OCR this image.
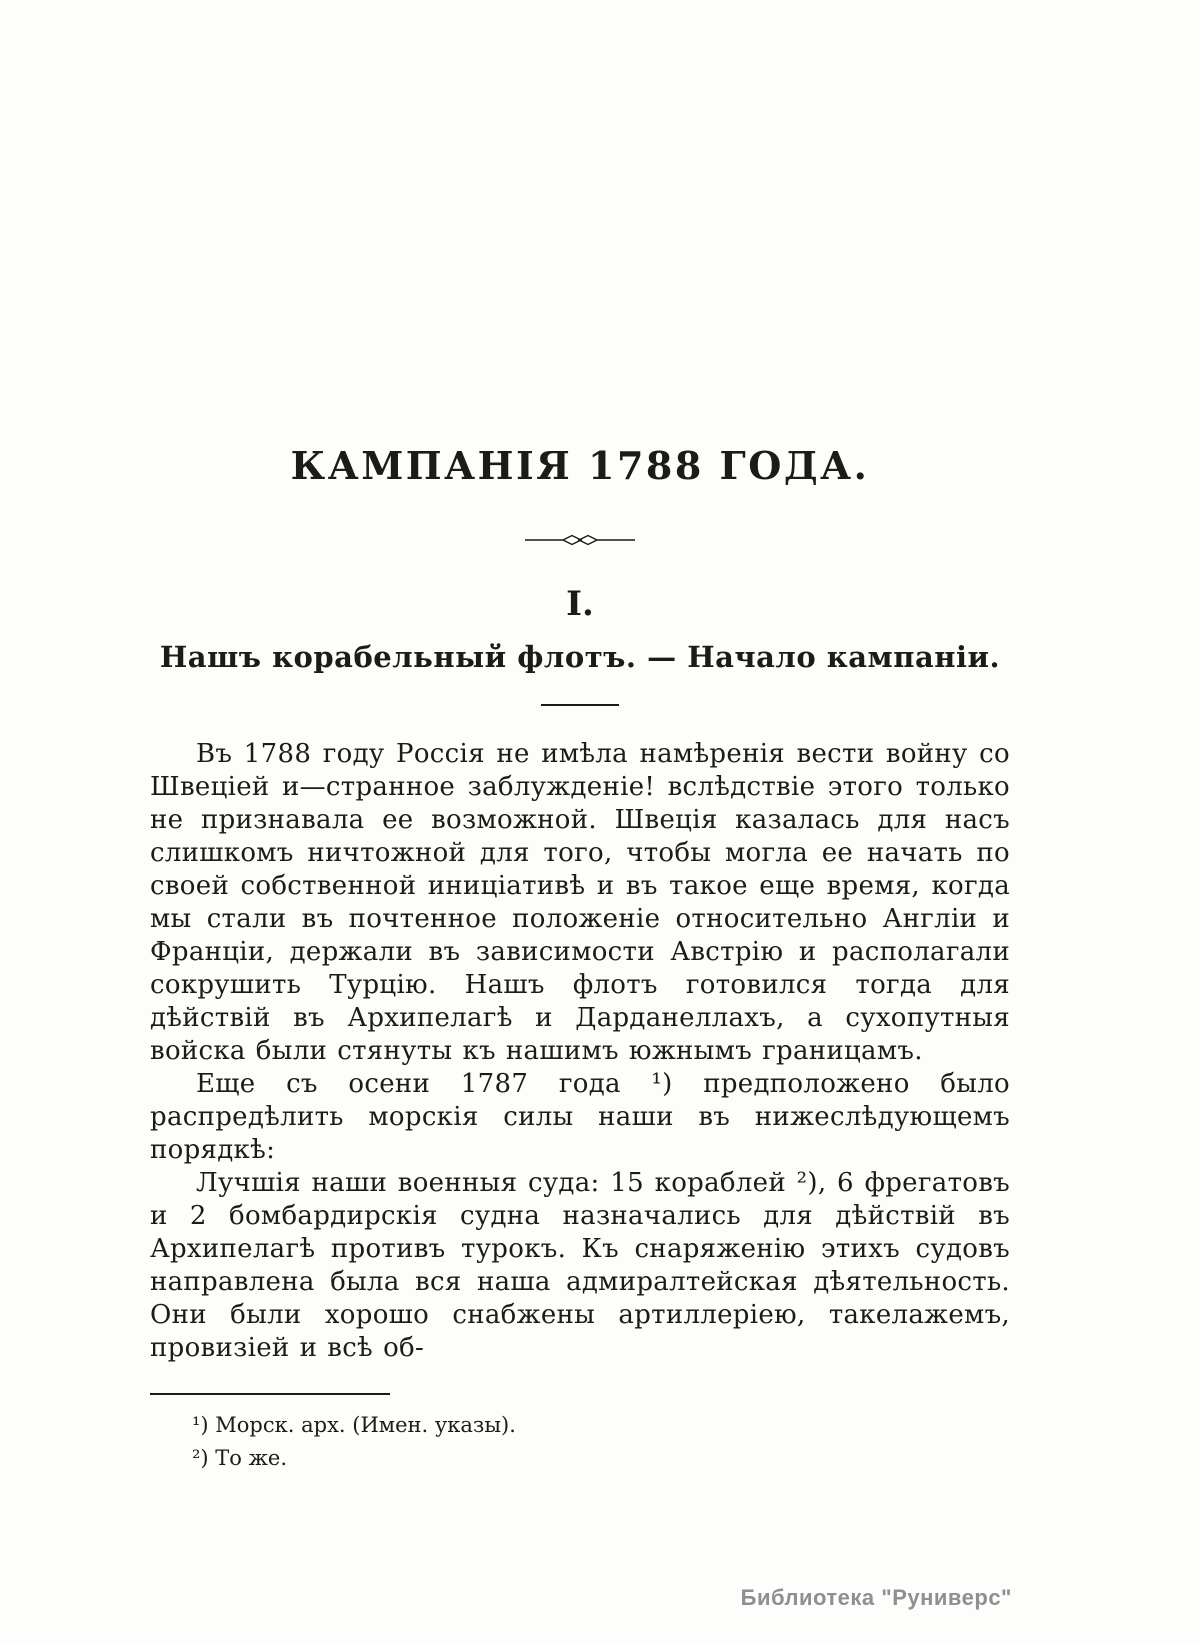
КАМПАНІЯ 1788 ГОДА.
I.
Нашъ корабельный флотъ. — Начало кампаніи.

Въ 1788 году Россія не имѣла намѣренія вести войну со Швеціей и—странное заблужденіе! вслѣдствіе этого только не признавала ее возможной. Швеція казалась для насъ слишкомъ ничтожной для того, чтобы могла ее начать по своей собственной иниціативѣ и въ такое еще время, когда мы стали въ почтенное положеніе относительно Англіи и Франціи, держали въ зависимости Австрію и располагали сокрушить Турцію. Нашъ флотъ готовился тогда для дѣйствій въ Архипелагѣ и Дарданеллахъ, а сухопутныя войска были стянуты къ нашимъ южнымъ границамъ.

Еще съ осени 1787 года ¹) предположено было распредѣлить морскія силы наши въ нижеслѣдующемъ порядкѣ:

Лучшія наши военныя суда: 15 кораблей ²), 6 фрегатовъ и 2 бомбардирскія судна назначались для дѣйствій въ Архипелагѣ противъ турокъ. Къ снаряженію этихъ судовъ направлена была вся наша адмиралтейская дѣятельность. Они были хорошо снабжены артиллеріею, такелажемъ, провизіей и всѣ об-

¹) Морск. арх. (Имен. указы).

²) То же.

Библиотека "Руниверс"
